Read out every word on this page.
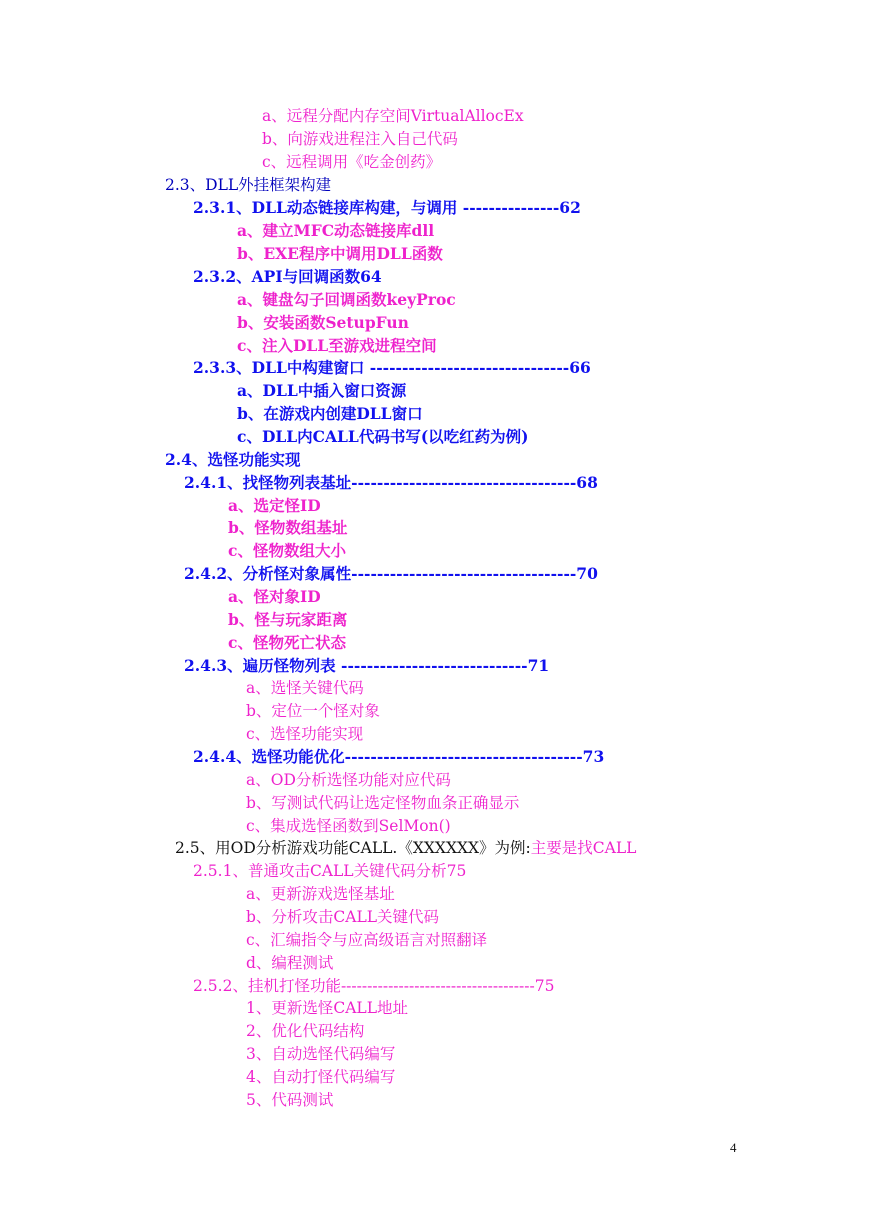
a、远程分配内存空间VirtualAllocEx
b、向游戏进程注入自己代码
c、远程调用《吃金创药》
2.3、DLL外挂框架构建
2.3.1、DLL动态链接库构建，与调用 ---------------62
a、建立MFC动态链接库dll
b、EXE程序中调用DLL函数
2.3.2、API与回调函数64
a、键盘勾子回调函数keyProc
b、安装函数SetupFun
c、注入DLL至游戏进程空间
2.3.3、DLL中构建窗口 -------------------------------66
a、DLL中插入窗口资源
b、在游戏内创建DLL窗口
c、DLL内CALL代码书写(以吃红药为例)
2.4、选怪功能实现
2.4.1、找怪物列表基址-----------------------------------68
a、选定怪ID
b、怪物数组基址
c、怪物数组大小
2.4.2、分析怪对象属性-----------------------------------70
a、怪对象ID
b、怪与玩家距离
c、怪物死亡状态
2.4.3、遍历怪物列表 -----------------------------71
a、选怪关键代码
b、定位一个怪对象
c、选怪功能实现
2.4.4、选怪功能优化-------------------------------------73
a、OD分析选怪功能对应代码
b、写测试代码让选定怪物血条正确显示
c、集成选怪函数到SelMon()
2.5、用OD分析游戏功能CALL.《XXXXXX》为例:主要是找CALL
2.5.1、普通攻击CALL关键代码分析75
a、更新游戏选怪基址
b、分析攻击CALL关键代码
c、汇编指令与应高级语言对照翻译
d、编程测试
2.5.2、挂机打怪功能-------------------------------------75
1、更新选怪CALL地址
2、优化代码结构
3、自动选怪代码编写
4、自动打怪代码编写
5、代码测试
4
